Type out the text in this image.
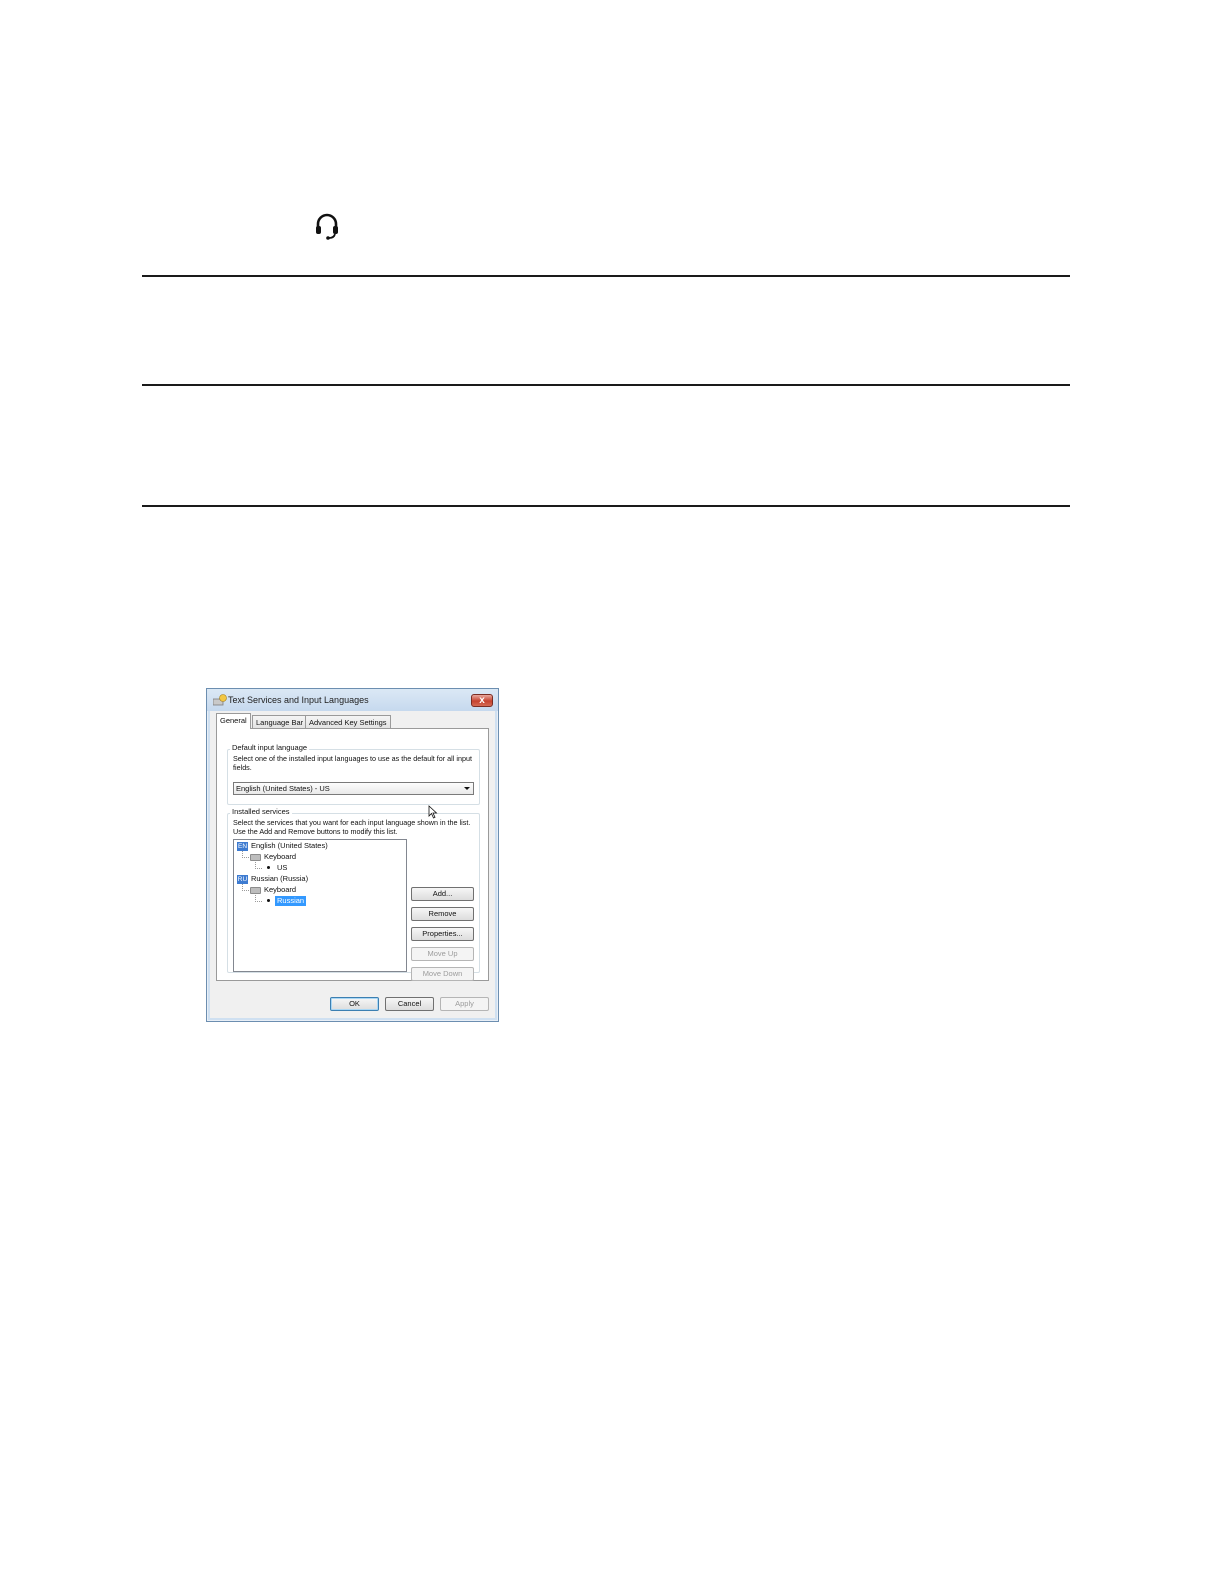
Text Services and Input Languages	x
General	Language Bar Advanced Key Settings
Default input language
Select one of the installed input languages to use as the default for all input fields.
English (United States) - US
Installed services
Select the services that you want for each input language shown in the list. Use the Add and Remove buttons to modify this list.
EN English (United States)
Keyboard
US
RU Russian (Russia)
Keyboard
Russian
Add...
Remove
Properties...
Move Up
Move Down
OK	Cancel	Apply
